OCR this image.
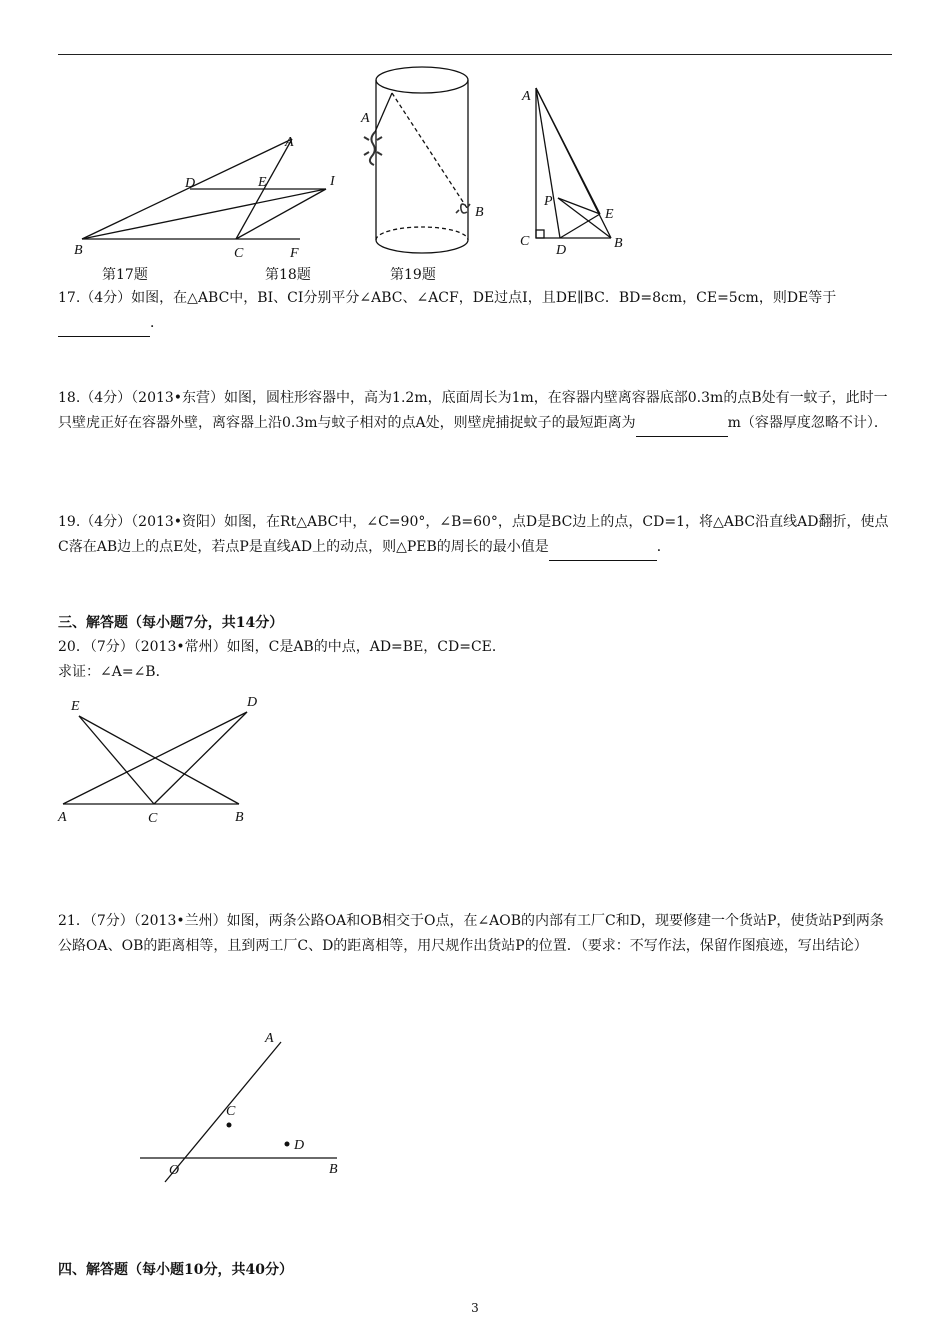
A
B	C
D	E
F
I
A
B
A
B
C
D
E
P
第17题	第18题	第19题
17.（4分）如图，在△ABC中，BI、CI分别平分∠ABC、∠ACF，DE过点I，且DE∥BC．BD=8cm，CE=5cm，则DE等于 ．
18.（4分）（2013•东营）如图，圆柱形容器中，高为1.2m，底面周长为1m，在容器内壁离容器底部0.3m的点B处有一蚊子，此时一只壁虎正好在容器外壁，离容器上沿0.3m与蚊子相对的点A处，则壁虎捕捉蚊子的最短距离为	m（容器厚度忽略不计）．
19.（4分）（2013•资阳）如图，在Rt△ABC中，∠C=90°，∠B=60°，点D是BC边上的点，CD=1，将△ABC沿直线AD翻折，使点C落在AB边上的点E处，若点P是直线AD上的动点，则△PEB的周长的最小值是	．
三、解答题（每小题7分，共14分）
20．（7分）（2013•常州）如图，C是AB的中点，AD=BE，CD=CE．
求证：∠A=∠B．
A	B
C
D
E
21．（7分）（2013•兰州）如图，两条公路OA和OB相交于O点，在∠AOB的内部有工厂C和D，现要修建一个货站P，使货站P到两条公路OA、OB的距离相等，且到两工厂C、D的距离相等，用尺规作出货站P的位置．（要求：不写作法，保留作图痕迹，写出结论）
A
B
C
D
O
四、解答题（每小题10分，共40分）
3
